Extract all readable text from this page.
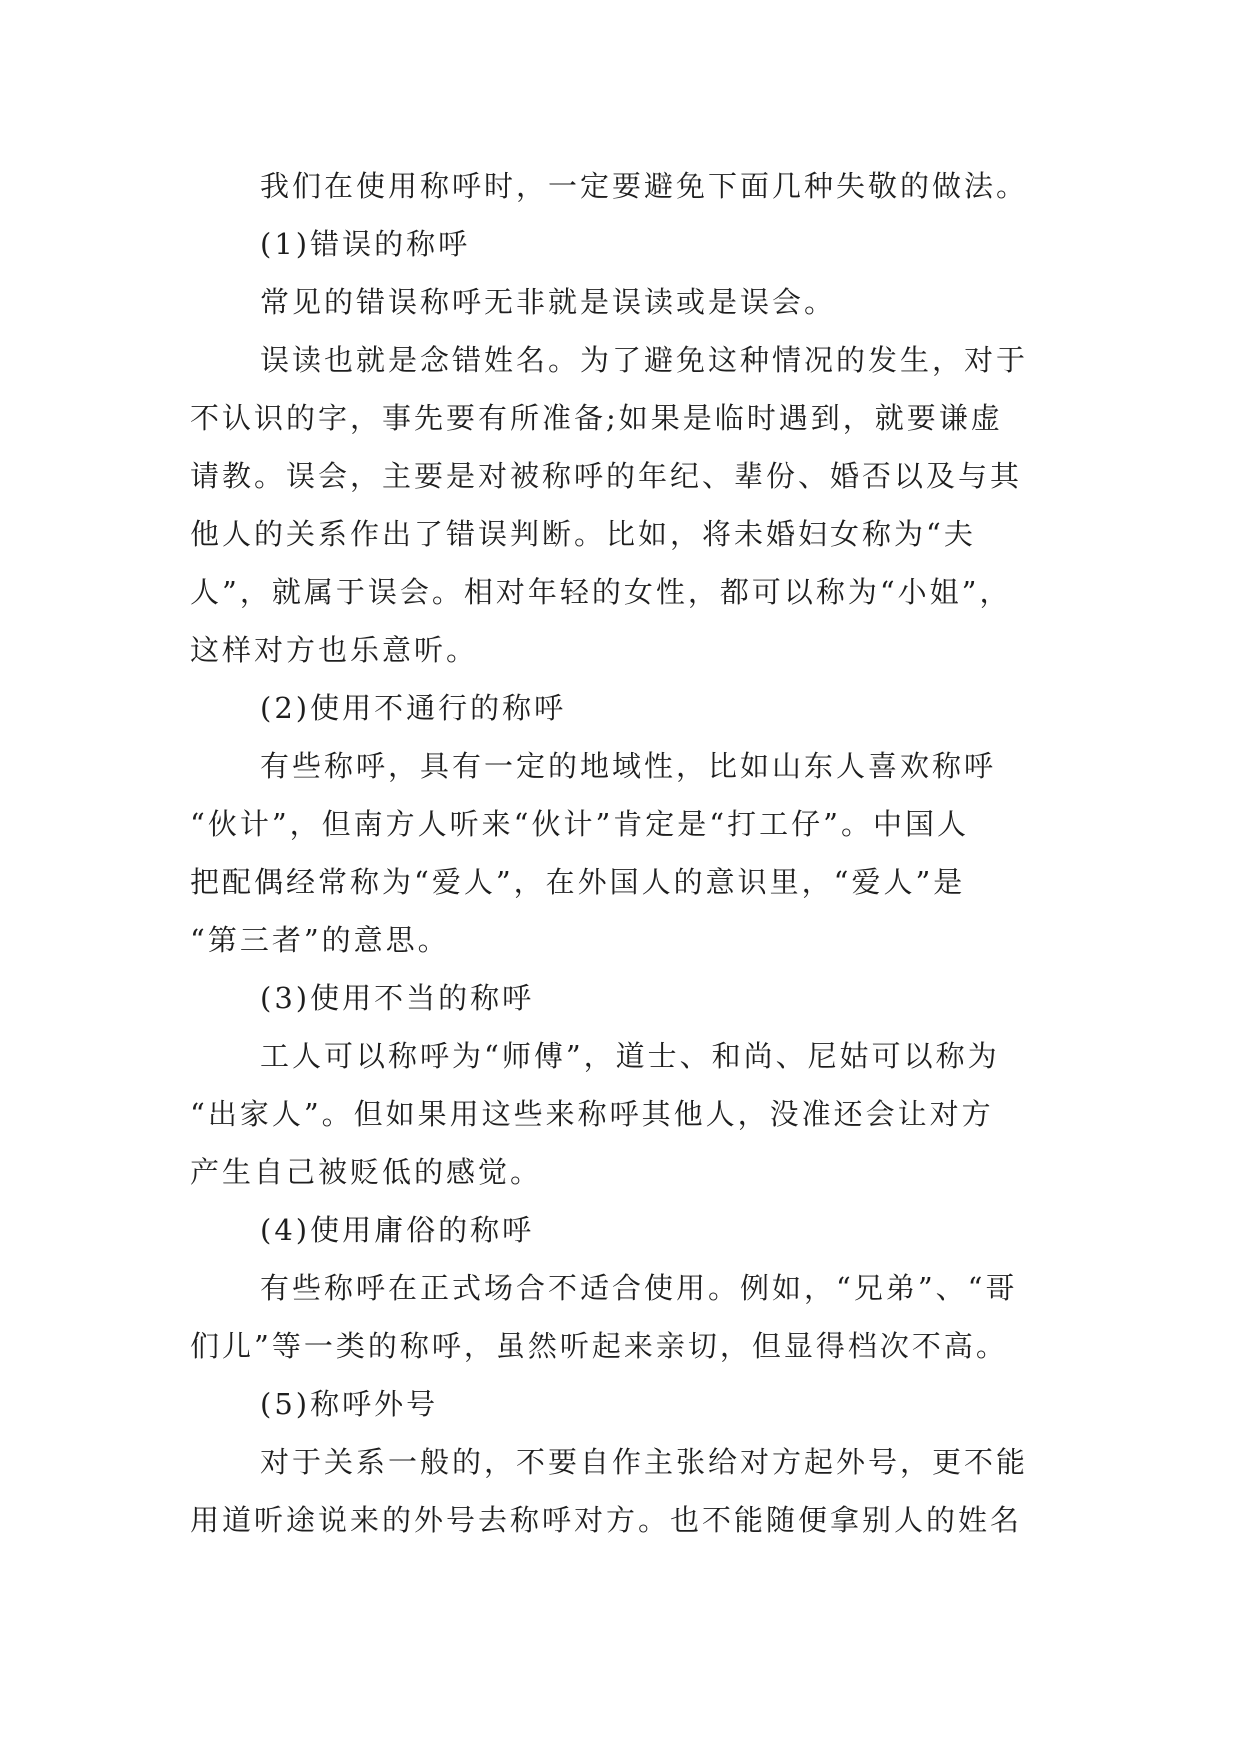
我们在使用称呼时，一定要避免下面几种失敬的做法。
(1)错误的称呼
常见的错误称呼无非就是误读或是误会。
误读也就是念错姓名。为了避免这种情况的发生，对于
不认识的字，事先要有所准备;如果是临时遇到，就要谦虚
请教。误会，主要是对被称呼的年纪、辈份、婚否以及与其
他人的关系作出了错误判断。比如，将未婚妇女称为“夫
人”，就属于误会。相对年轻的女性，都可以称为“小姐”，
这样对方也乐意听。
(2)使用不通行的称呼
有些称呼，具有一定的地域性，比如山东人喜欢称呼
“伙计”，但南方人听来“伙计”肯定是“打工仔”。中国人
把配偶经常称为“爱人”，在外国人的意识里，“爱人”是
“第三者”的意思。
(3)使用不当的称呼
工人可以称呼为“师傅”，道士、和尚、尼姑可以称为
“出家人”。但如果用这些来称呼其他人，没准还会让对方
产生自己被贬低的感觉。
(4)使用庸俗的称呼
有些称呼在正式场合不适合使用。例如，“兄弟”、“哥
们儿”等一类的称呼，虽然听起来亲切，但显得档次不高。
(5)称呼外号
对于关系一般的，不要自作主张给对方起外号，更不能
用道听途说来的外号去称呼对方。也不能随便拿别人的姓名
